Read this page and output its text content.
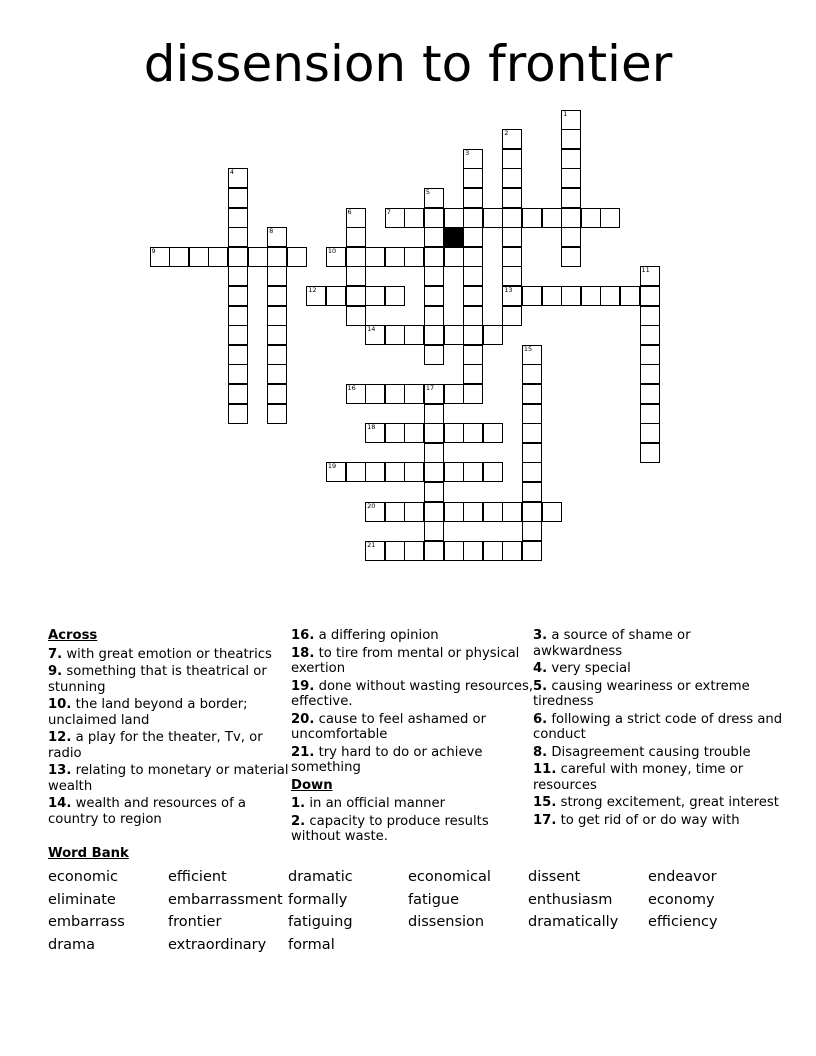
dissension to frontier
1
2
13
3
4
5
6	7
8
9	10
11
12
14
15
16	17
18
19
20
21
Across
7. with great emotion or theatrics
9. something that is theatrical or stunning
10. the land beyond a border; unclaimed land
12. a play for the theater, Tv, or radio
13. relating to monetary or material wealth
14. wealth and resources of a country to region
16. a differing opinion
18. to tire from mental or physical exertion
19. done without wasting resources, effective.
20. cause to feel ashamed or uncomfortable
21. try hard to do or achieve something
Down
1. in an official manner
2. capacity to produce results without waste.
3. a source of shame or awkwardness
4. very special
5. causing weariness or extreme tiredness
6. following a strict code of dress and conduct
8. Disagreement causing trouble
11. careful with money, time or resources
15. strong excitement, great interest
17. to get rid of or do way with
Word Bank
economic	efficient	dramatic	economical	dissent	endeavor
eliminate	embarrassment formally	fatigue	enthusiasm economy
embarrass	frontier	fatiguing	dissension	dramatically efficiency
drama	extraordinary formal
